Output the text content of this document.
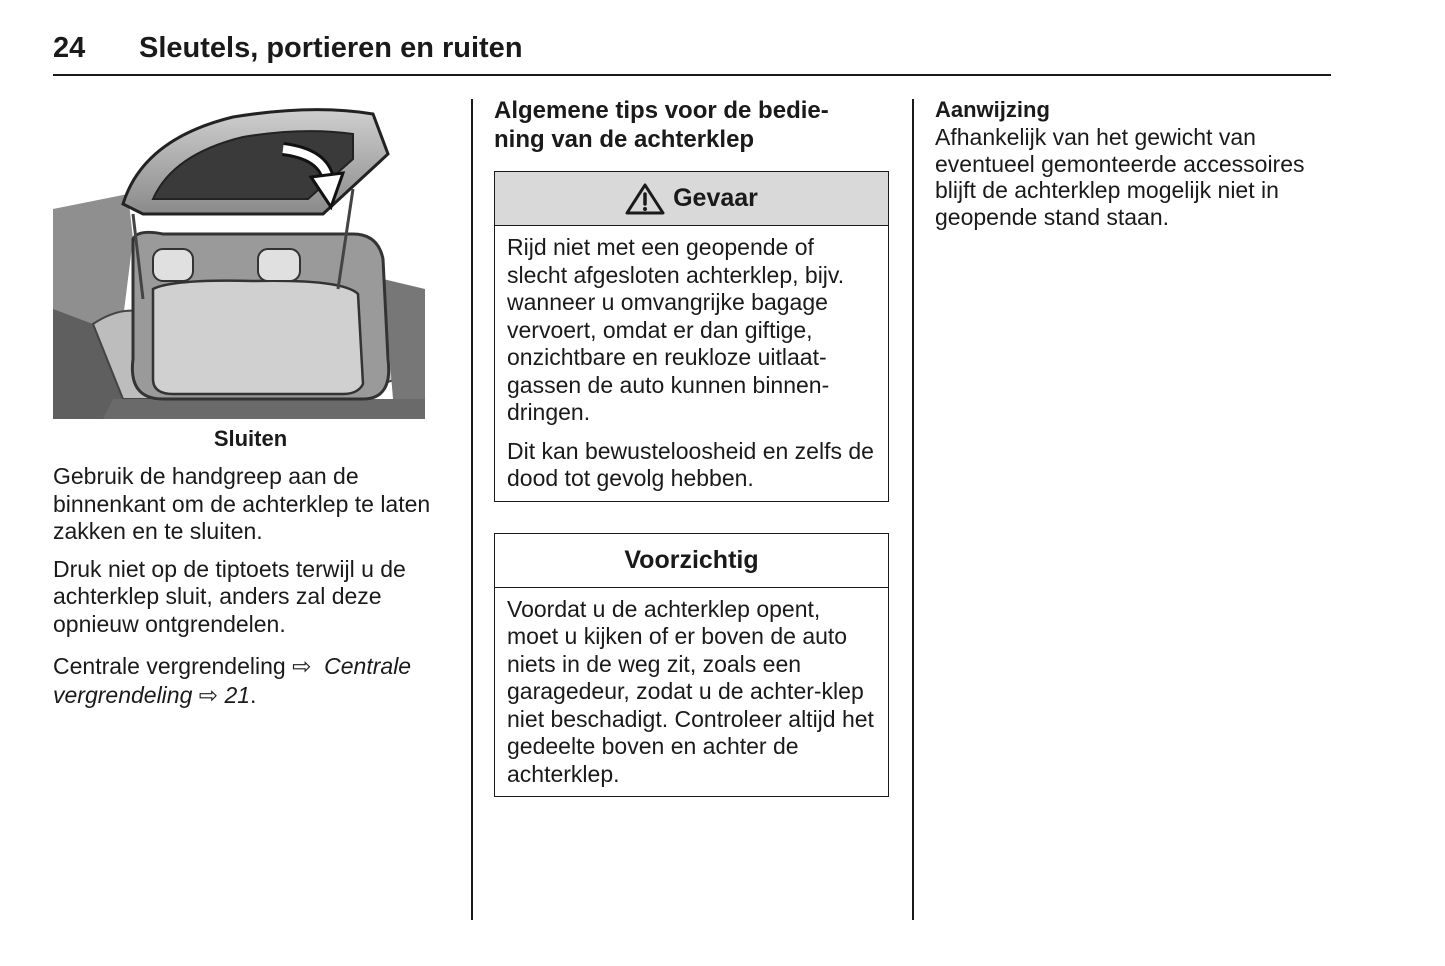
24 Sleutels, portieren en ruiten
Sluiten

Gebruik de handgreep aan de binnenkant om de achterklep te laten zakken en te sluiten.

Druk niet op de tiptoets terwijl u de achterklep sluit, anders zal deze opnieuw ontgrendelen.

Centrale vergrendeling ⇨ Centrale vergrendeling ⇨ 21.

Algemene tips voor de bedie-
ning van de achterklep
Gevaar

Rijd niet met een geopende of slecht afgesloten achterklep, bijv. wanneer u omvangrijke bagage vervoert, omdat er dan giftige, onzichtbare en reukloze uitlaat-gassen de auto kunnen binnen-dringen.

Dit kan bewusteloosheid en zelfs de dood tot gevolg hebben.

Voorzichtig

Voordat u de achterklep opent, moet u kijken of er boven de auto niets in de weg zit, zoals een garagedeur, zodat u de achter-klep niet beschadigt. Controleer altijd het gedeelte boven en achter de achterklep.

Aanwijzing

Afhankelijk van het gewicht van eventueel gemonteerde accessoires blijft de achterklep mogelijk niet in geopende stand staan.
